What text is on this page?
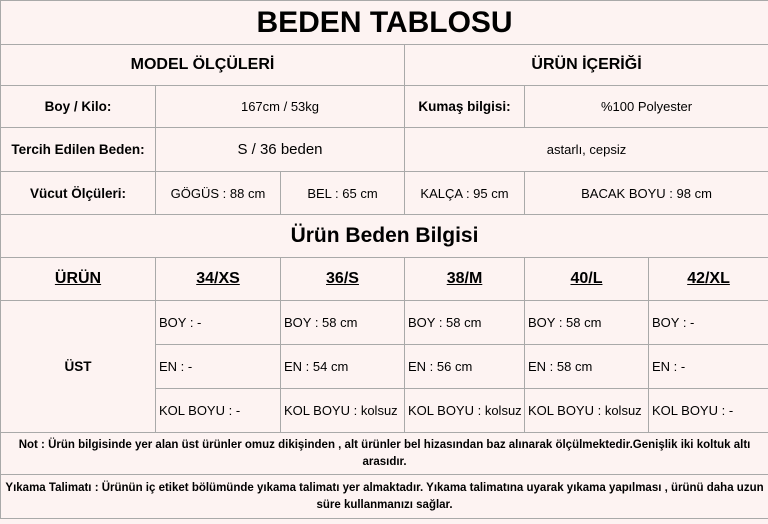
BEDEN TABLOSU					
MODEL ÖLÇÜLERİ			ÜRÜN İÇERİĞİ		
Boy / Kilo:	167cm / 53kg		Kumaş bilgisi:	%100 Polyester	
Tercih Edilen Beden:	S / 36 beden		astarlı, cepsiz		
Vücut Ölçüleri:	GÖGÜS : 88 cm	BEL : 65 cm	KALÇA : 95 cm	BACAK BOYU : 98 cm	
Ürün Beden Bilgisi					
ÜRÜN	34/XS	36/S	38/M	40/L	42/XL
ÜST	BOY : -	BOY : 58 cm	BOY : 58 cm	BOY : 58 cm	BOY : -
	EN : -	EN : 54 cm	EN : 56 cm	EN : 58 cm	EN : -
	KOL BOYU : -	KOL BOYU : kolsuz	KOL BOYU : kolsuz	KOL BOYU : kolsuz	KOL BOYU : -
Not : Ürün bilgisinde yer alan üst ürünler omuz dikişinden , alt ürünler bel hizasından baz alınarak ölçülmektedir.Genişlik iki koltuk altı arasıdır.					
Yıkama Talimatı : Ürünün iç etiket bölümünde yıkama talimatı yer almaktadır. Yıkama talimatına uyarak yıkama yapılması , ürünü daha uzun süre kullanmanızı sağlar.					
